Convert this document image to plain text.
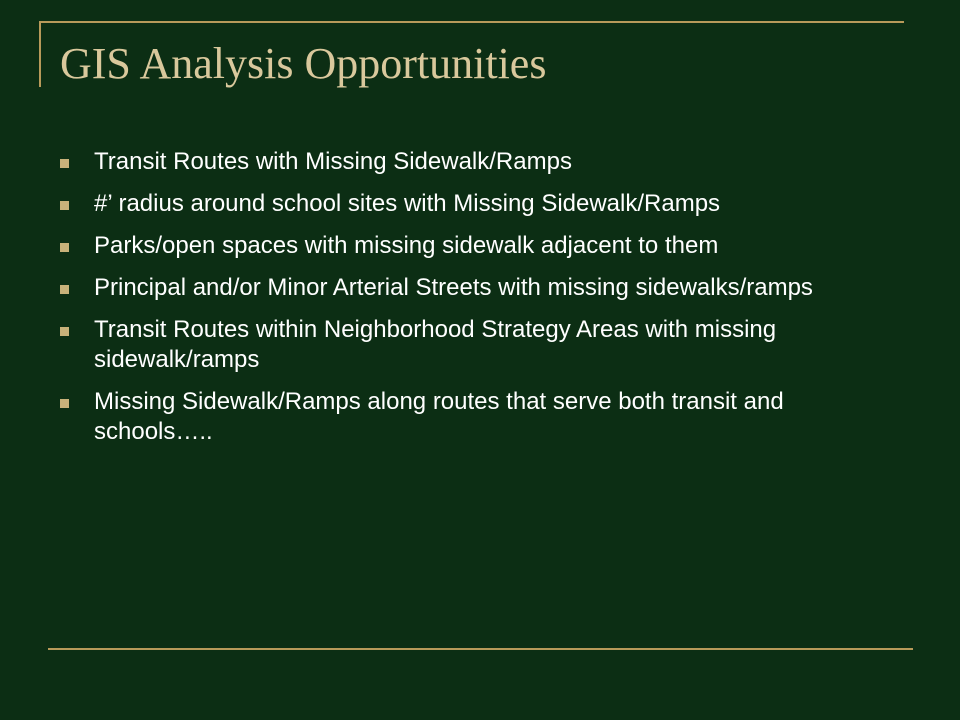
GIS Analysis Opportunities
Transit Routes with Missing Sidewalk/Ramps
#’ radius around school sites with Missing Sidewalk/Ramps
Parks/open spaces with missing sidewalk adjacent to them
Principal and/or Minor Arterial Streets with missing sidewalks/ramps
Transit Routes within Neighborhood Strategy Areas with missing sidewalk/ramps
Missing Sidewalk/Ramps along routes that serve both transit and schools…..
